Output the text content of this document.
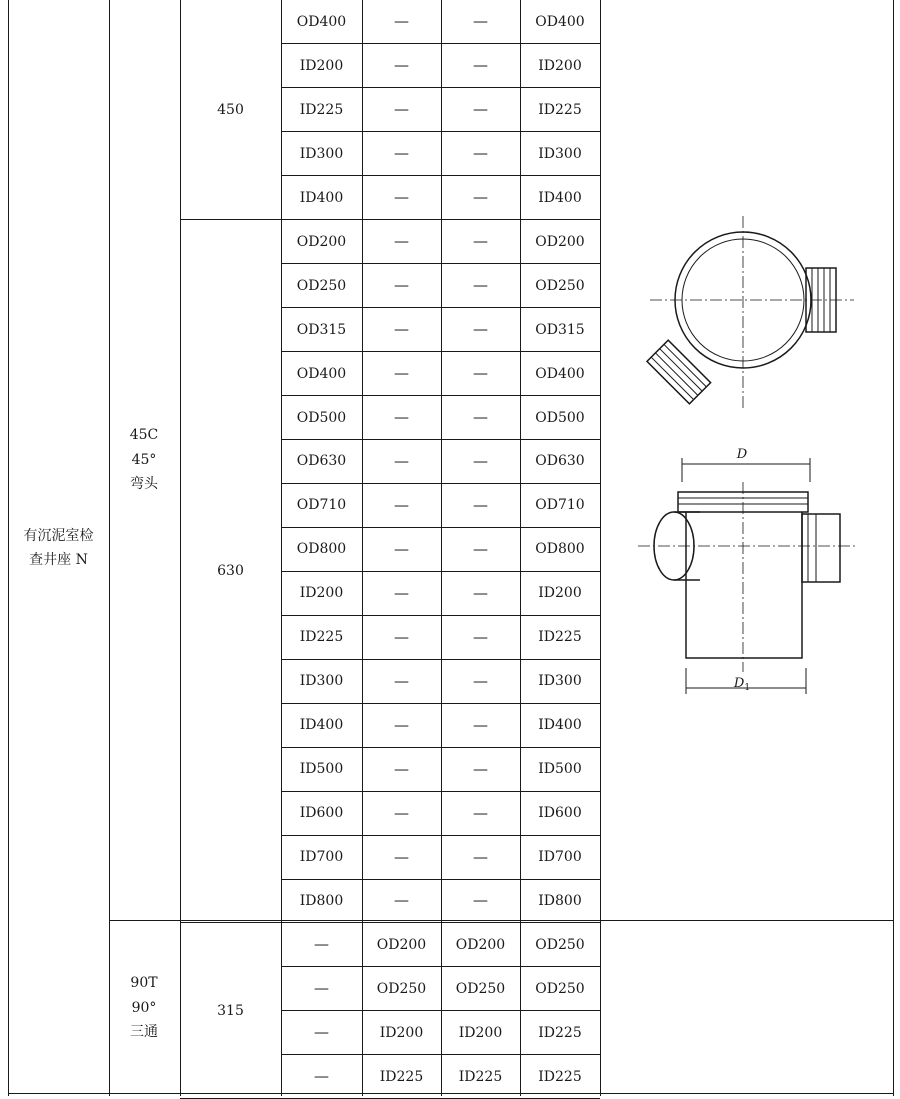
有沉泥室检
查井座 N
45C
45°
弯头
90T
90°
三通
D
$D_1$
OD400	—	—	OD400
ID200	—	—	ID200
ID225	—	—	ID225
ID300	—	—	ID300
ID400	—	—	ID400
450
OD200	—	—	OD200
OD250	—	—	OD250
OD315	—	—	OD315
OD400	—	—	OD400
OD500	—	—	OD500
OD630	—	—	OD630
OD710	—	—	OD710
OD800	—	—	OD800
ID200	—	—	ID200
ID225	—	—	ID225
ID300	—	—	ID300
ID400	—	—	ID400
ID500	—	—	ID500
ID600	—	—	ID600
ID700	—	—	ID700
ID800	—	—	ID800
630
—	OD200	OD200	OD250
—	OD250	OD250	OD250
—	ID200	ID200	ID225
—	ID225	ID225	ID225
315
